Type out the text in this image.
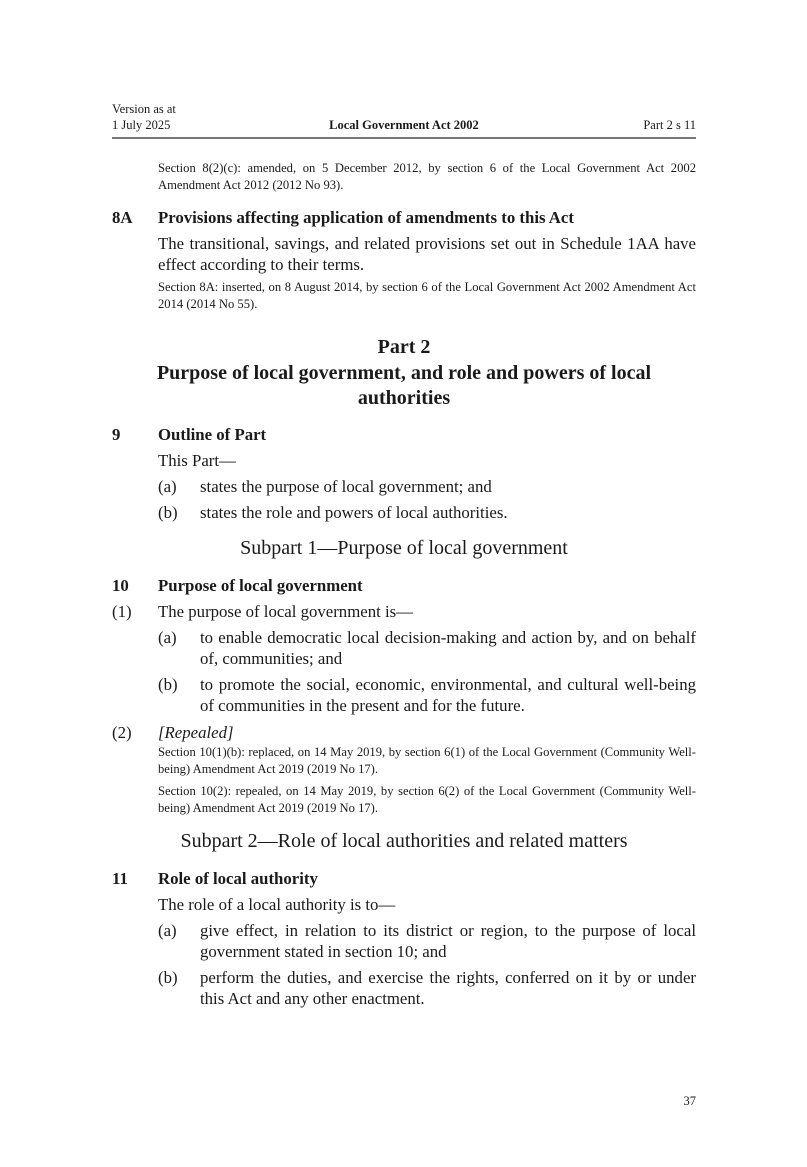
Version as at
1 July 2025	Local Government Act 2002	Part 2 s 11
Section 8(2)(c): amended, on 5 December 2012, by section 6 of the Local Government Act 2002 Amendment Act 2012 (2012 No 93).
8A Provisions affecting application of amendments to this Act
The transitional, savings, and related provisions set out in Schedule 1AA have effect according to their terms.
Section 8A: inserted, on 8 August 2014, by section 6 of the Local Government Act 2002 Amendment Act 2014 (2014 No 55).
Part 2
Purpose of local government, and role and powers of local authorities
9 Outline of Part
This Part—
(a) states the purpose of local government; and
(b) states the role and powers of local authorities.
Subpart 1—Purpose of local government
10 Purpose of local government
(1) The purpose of local government is—
(a) to enable democratic local decision-making and action by, and on behalf of, communities; and
(b) to promote the social, economic, environmental, and cultural well-being of communities in the present and for the future.
(2) [Repealed]
Section 10(1)(b): replaced, on 14 May 2019, by section 6(1) of the Local Government (Community Well-being) Amendment Act 2019 (2019 No 17).
Section 10(2): repealed, on 14 May 2019, by section 6(2) of the Local Government (Community Well-being) Amendment Act 2019 (2019 No 17).
Subpart 2—Role of local authorities and related matters
11 Role of local authority
The role of a local authority is to—
(a) give effect, in relation to its district or region, to the purpose of local government stated in section 10; and
(b) perform the duties, and exercise the rights, conferred on it by or under this Act and any other enactment.
37
